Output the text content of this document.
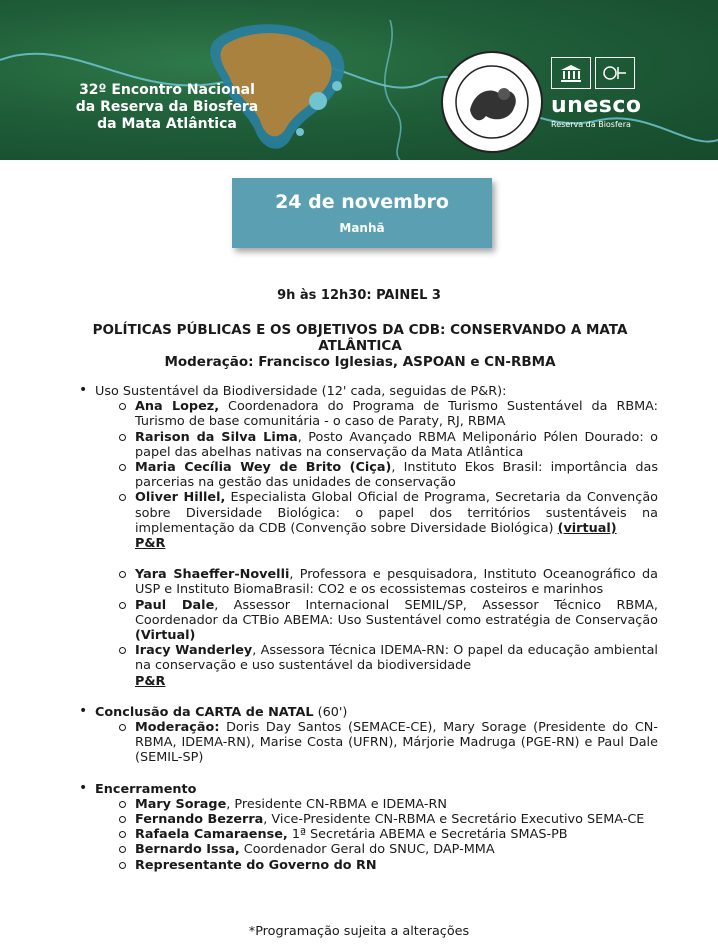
32º Encontro Nacional
da Reserva da Biosfera
da Mata Atlântica
unesco
Reserva da Biosfera
24 de novembro
Manhã
9h às 12h30: PAINEL 3
POLÍTICAS PÚBLICAS E OS OBJETIVOS DA CDB: CONSERVANDO A MATA ATLÂNTICA
Moderação: Francisco Iglesias, ASPOAN e CN-RBMA
• Uso Sustentável da Biodiversidade (12' cada, seguidas de P&R):
Ana Lopez, Coordenadora do Programa de Turismo Sustentável da RBMA: Turismo de base comunitária - o caso de Paraty, RJ, RBMA
Rarison da Silva Lima, Posto Avançado RBMA Meliponário Pólen Dourado: o papel das abelhas nativas na conservação da Mata Atlântica
Maria Cecília Wey de Brito (Ciça), Instituto Ekos Brasil: importância das parcerias na gestão das unidades de conservação
Oliver Hillel, Especialista Global Oficial de Programa, Secretaria da Convenção sobre Diversidade Biológica: o papel dos territórios sustentáveis na implementação da CDB (Convenção sobre Diversidade Biológica) (virtual)
P&R
Yara Shaeffer-Novelli, Professora e pesquisadora, Instituto Oceanográfico da USP e Instituto BiomaBrasil: CO2 e os ecossistemas costeiros e marinhos
Paul Dale, Assessor Internacional SEMIL/SP, Assessor Técnico RBMA, Coordenador da CTBio ABEMA: Uso Sustentável como estratégia de Conservação (Virtual)
Iracy Wanderley, Assessora Técnica IDEMA-RN: O papel da educação ambiental na conservação e uso sustentável da biodiversidade
P&R
• Conclusão da CARTA de NATAL (60')
Moderação: Doris Day Santos (SEMACE-CE), Mary Sorage (Presidente do CN-RBMA, IDEMA-RN), Marise Costa (UFRN), Márjorie Madruga (PGE-RN) e Paul Dale (SEMIL-SP)
• Encerramento
Mary Sorage, Presidente CN-RBMA e IDEMA-RN
Fernando Bezerra, Vice-Presidente CN-RBMA e Secretário Executivo SEMA-CE
Rafaela Camaraense, 1ª Secretária ABEMA e Secretária SMAS-PB
Bernardo Issa, Coordenador Geral do SNUC, DAP-MMA
Representante do Governo do RN
*Programação sujeita a alterações
